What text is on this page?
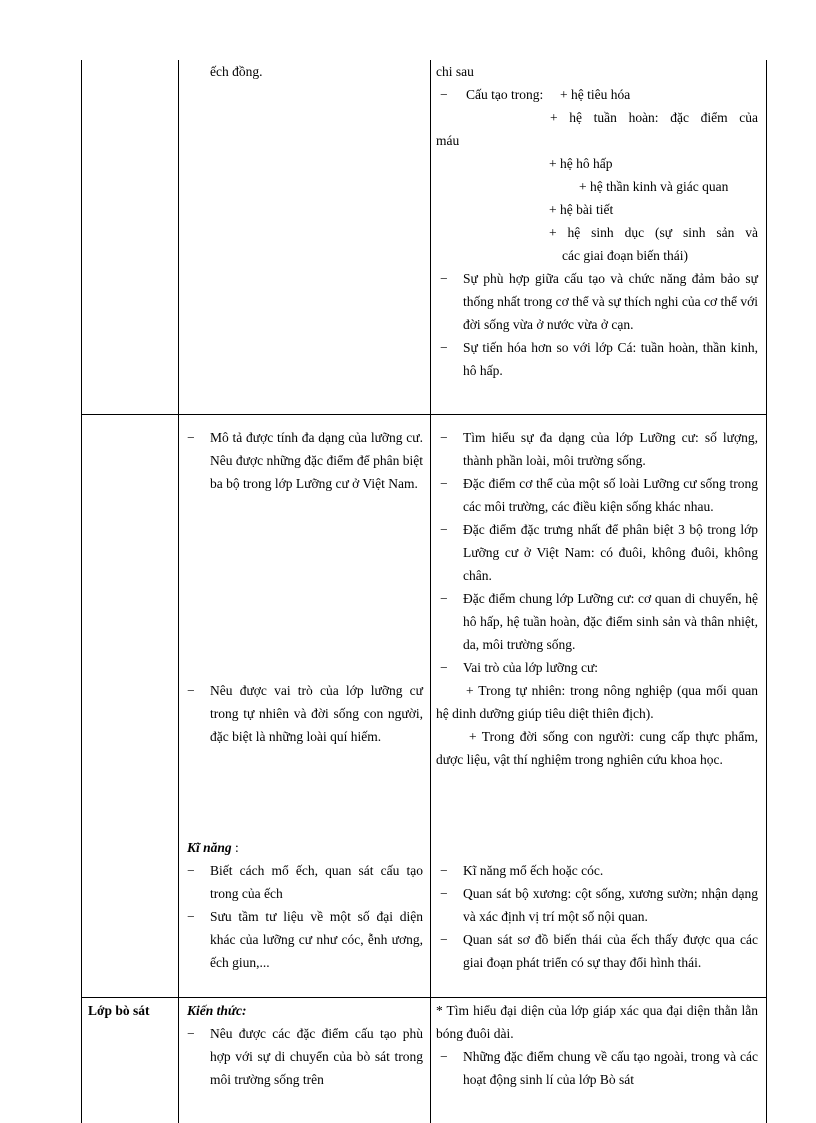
ếch đồng.	chi sau
− Cấu tạo trong: + hệ tiêu hóa

+ hệ tuần hoàn: đặc điểm của
máu
+ hệ hô hấp
+ hệ thần kinh và giác quan
+ hệ bài tiết
+ hệ sinh dục (sự sinh sản và
các giai đoạn biến thái)
− Sự phù hợp giữa cấu tạo và chức năng đảm bảo sự thống nhất trong cơ thể và sự thích nghi của cơ thể với đời sống vừa ở nước vừa ở cạn.
− Sự tiến hóa hơn so với lớp Cá: tuần hoàn, thần kinh, hô hấp.
− Mô tả được tính đa dạng của lưỡng cư. Nêu được những đặc điểm để phân biệt ba bộ trong lớp Lưỡng cư ở Việt Nam.
− Nêu được vai trò của lớp lưỡng cư trong tự nhiên và đời sống con người, đặc biệt là những loài quí hiếm.
Kĩ năng :
− Biết cách mổ ếch, quan sát cấu tạo trong của ếch
− Sưu tầm tư liệu về một số đại diện khác của lưỡng cư như cóc, ễnh ương, ếch giun,...
− Tìm hiểu sự đa dạng của lớp Lưỡng cư: số lượng, thành phần loài, môi trường sống.
− Đặc điểm cơ thể của một số loài Lưỡng cư sống trong các môi trường, các điều kiện sống khác nhau.
− Đặc điểm đặc trưng nhất để phân biệt 3 bộ trong lớp Lưỡng cư ở Việt Nam: có đuôi, không đuôi, không chân.
− Đặc điểm chung lớp Lưỡng cư: cơ quan di chuyển, hệ hô hấp, hệ tuần hoàn, đặc điểm sinh sản và thân nhiệt, da, môi trường sống.
− Vai trò của lớp lưỡng cư:
+ Trong tự nhiên: trong nông nghiệp (qua mối quan hệ dinh dưỡng giúp tiêu diệt thiên địch).
+ Trong đời sống con người: cung cấp thực phẩm, dược liệu, vật thí nghiệm trong nghiên cứu khoa học.
− Kĩ năng mổ ếch hoặc cóc.
− Quan sát bộ xương: cột sống, xương sườn; nhận dạng và xác định vị trí một số nội quan.
− Quan sát sơ đồ biến thái của ếch thấy được qua các giai đoạn phát triển có sự thay đổi hình thái.
Lớp bò sát	Kiến thức:
− Nêu được các đặc điểm cấu tạo phù hợp với sự di chuyển của bò sát trong môi trường sống trên
* Tìm hiểu đại diện của lớp giáp xác qua đại diện thằn lằn bóng đuôi dài.
− Những đặc điểm chung về cấu tạo ngoài, trong và các hoạt động sinh lí của lớp Bò sát
